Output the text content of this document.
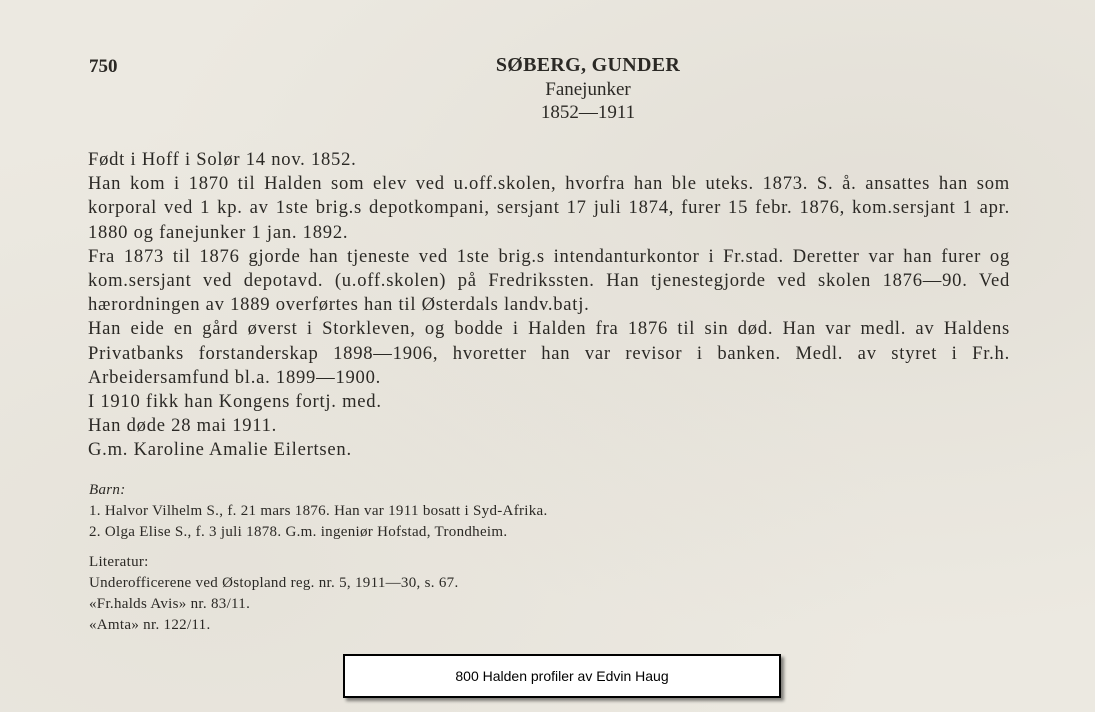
750	SØBERG, GUNDER
Fanejunker
1852—1911

Født i Hoff i Solør 14 nov. 1852.

Han kom i 1870 til Halden som elev ved u.off.skolen, hvorfra han ble uteks. 1873. S. å. ansattes han som korporal ved 1 kp. av 1ste brig.s depotkompani, sersjant 17 juli 1874, furer 15 febr. 1876, kom.sersjant 1 apr. 1880 og fanejunker 1 jan. 1892.

Fra 1873 til 1876 gjorde han tjeneste ved 1ste brig.s intendanturkontor i Fr.stad. Deretter var han furer og kom.sersjant ved depotavd. (u.off.skolen) på Fredrikssten. Han tjenestegjorde ved skolen 1876—90. Ved hærordningen av 1889 overførtes han til Østerdals landv.batj.

Han eide en gård øverst i Storkleven, og bodde i Halden fra 1876 til sin død. Han var medl. av Haldens Privatbanks forstanderskap 1898—1906, hvoretter han var revisor i banken. Medl. av styret i Fr.h. Arbeidersamfund bl.a. 1899—1900.

I 1910 fikk han Kongens fortj. med.

Han døde 28 mai 1911.

G.m. Karoline Amalie Eilertsen.

Barn:

1. Halvor Vilhelm S., f. 21 mars 1876. Han var 1911 bosatt i Syd-Afrika.

2. Olga Elise S., f. 3 juli 1878. G.m. ingeniør Hofstad, Trondheim.

Literatur:

Underofficerene ved Østopland reg. nr. 5, 1911—30, s. 67.

«Fr.halds Avis» nr. 83/11.

«Amta» nr. 122/11.

800 Halden profiler av Edvin Haug
